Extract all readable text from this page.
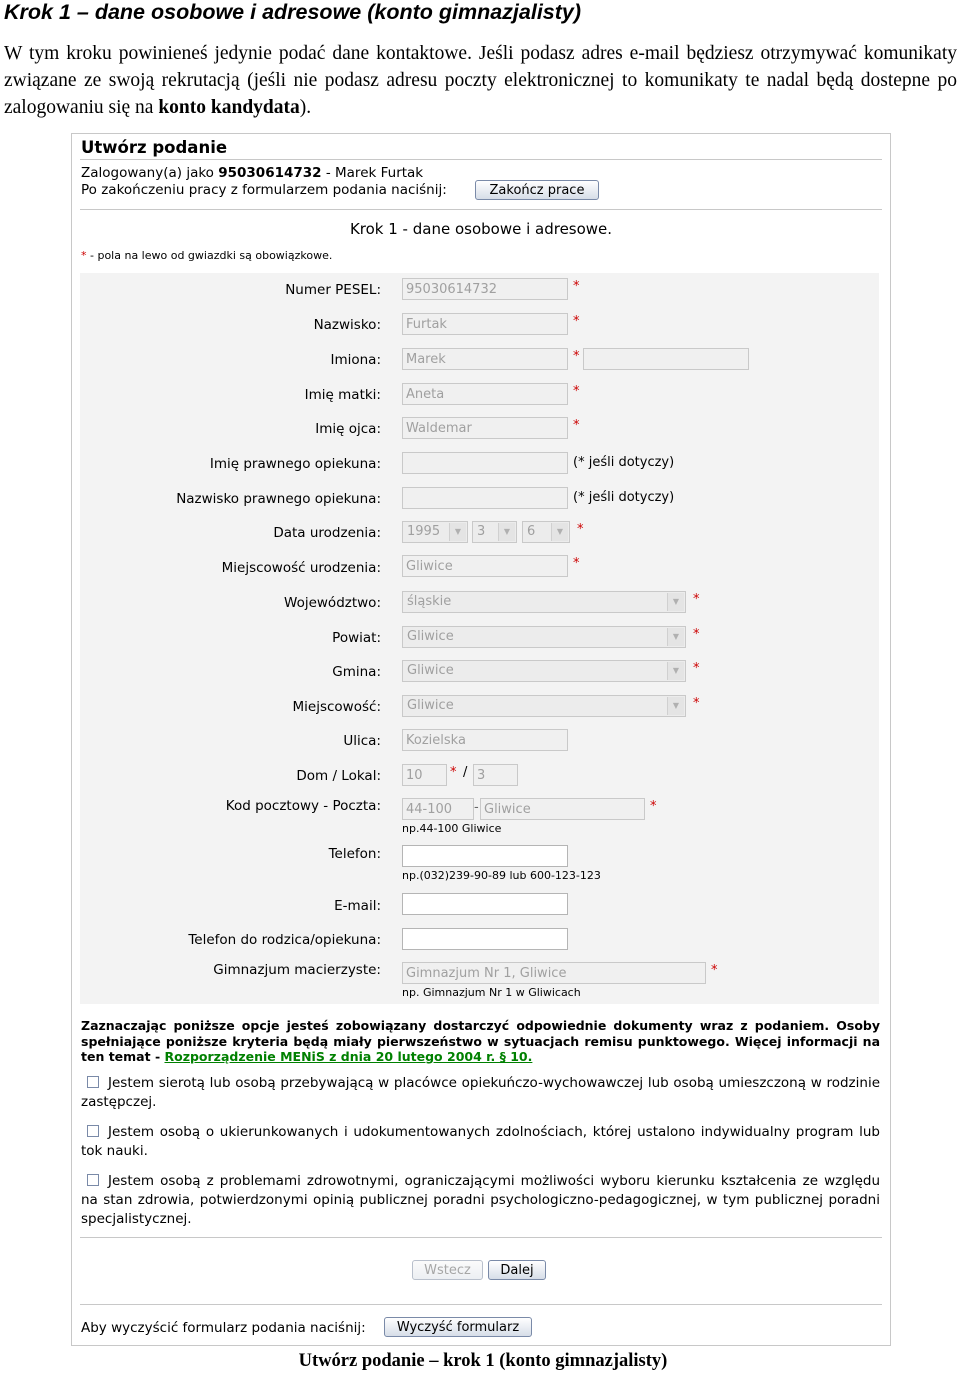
Krok 1 – dane osobowe i adresowe (konto gimnazjalisty)

W tym kroku powinieneś jedynie podać dane kontaktowe. Jeśli podasz adres e-mail będziesz otrzymywać komunikaty związane ze swoją rekrutacją (jeśli nie podasz adresu poczty elektronicznej to komunikaty te nadal będą dostepne po zalogowaniu się na konto kandydata).

Utwórz podanie
Zalogowany(a) jako 95030614732 - Marek Furtak
Po zakończeniu pracy z formularzem podania naciśnij:	Zakończ prace
Krok 1 - dane osobowe i adresowe.
* - pola na lewo od gwiazdki są obowiązkowe.
Numer PESEL:
95030614732	*
Nazwisko:
Furtak	*
Imiona:
Marek	*
Imię matki:
Aneta	*
Imię ojca:
Waldemar	*
Imię prawnego opiekuna:	(* jeśli dotyczy)
Nazwisko prawnego opiekuna:	(* jeśli dotyczy)
Data urodzenia:	1995	▼	3	▼	6	▼	*
Miejscowość urodzenia:
Gliwice	*
Województwo:	śląskie	▼	*
Powiat:	Gliwice	▼	*
Gmina:	Gliwice	▼	*
Miejscowość:	Gliwice	▼	*
Ulica:
Kozielska
Dom / Lokal:
10	* /
3
Kod pocztowy - Poczta:
44-100	-
Gliwice	*
np.44-100 Gliwice
Telefon:
np.(032)239-90-89 lub 600-123-123
E-mail:
Telefon do rodzica/opiekuna:
Gimnazjum macierzyste:
Gimnazjum Nr 1, Gliwice	*
np. Gimnazjum Nr 1 w Gliwicach
Zaznaczając poniższe opcje jesteś zobowiązany dostarczyć odpowiednie dokumenty wraz z podaniem. Osoby spełniające poniższe kryteria będą miały pierwszeństwo w sytuacjach remisu punktowego. Więcej informacji na ten temat - Rozporządzenie MENiS z dnia 20 lutego 2004 r. § 10.
Jestem sierotą lub osobą przebywającą w placówce opiekuńczo-wychowawczej lub osobą umieszczoną w rodzinie zastępczej.
Jestem osobą o ukierunkowanych i udokumentowanych zdolnościach, której ustalono indywidualny program lub tok nauki.
Jestem osobą z problemami zdrowotnymi, ograniczającymi możliwości wyboru kierunku kształcenia ze względu na stan zdrowia, potwierdzonymi opinią publicznej poradni psychologiczno-pedagogicznej, w tym publicznej poradni specjalistycznej.
Wstecz	Dalej
Aby wyczyścić formularz podania naciśnij:	Wyczyść formularz
Utwórz podanie – krok 1 (konto gimnazjalisty)
